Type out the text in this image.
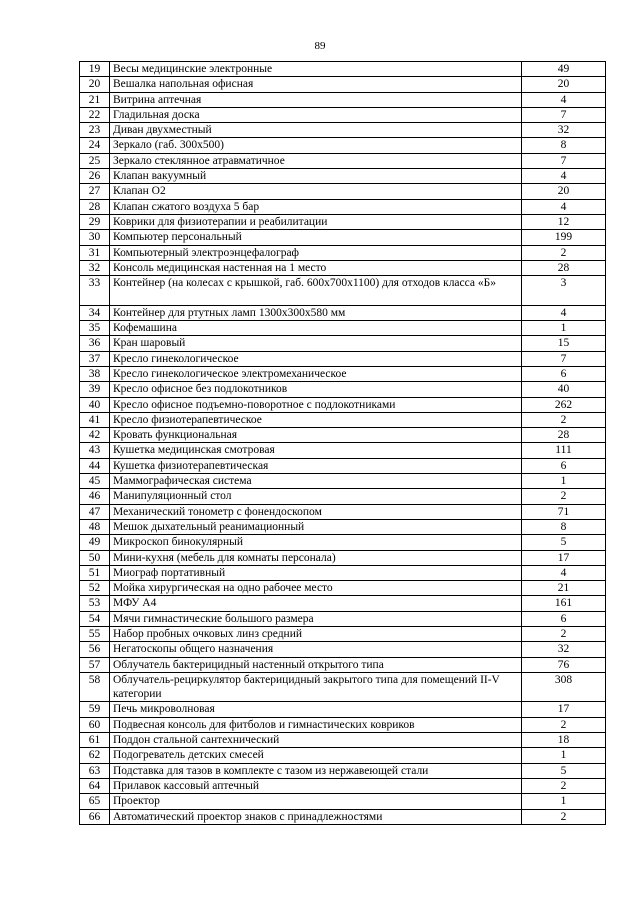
89
19	Весы медицинские электронные	49
20	Вешалка напольная офисная	20
21	Витрина аптечная	4
22	Гладильная доска	7
23	Диван двухместный	32
24	Зеркало (габ. 300х500)	8
25	Зеркало стеклянное атравматичное	7
26	Клапан вакуумный	4
27	Клапан О2	20
28	Клапан сжатого воздуха 5 бар	4
29	Коврики для физиотерапии и реабилитации	12
30	Компьютер персональный	199
31	Компьютерный электроэнцефалограф	2
32	Консоль медицинская настенная на 1 место	28
33	Контейнер (на колесах с крышкой, габ. 600х700х1100) для отходов класса «Б»	3
34	Контейнер для ртутных ламп 1300х300х580 мм	4
35	Кофемашина	1
36	Кран шаровый	15
37	Кресло гинекологическое	7
38	Кресло гинекологическое электромеханическое	6
39	Кресло офисное без подлокотников	40
40	Кресло офисное подъемно-поворотное с подлокотниками	262
41	Кресло физиотерапевтическое	2
42	Кровать функциональная	28
43	Кушетка медицинская смотровая	111
44	Кушетка физиотерапевтическая	6
45	Маммографическая система	1
46	Манипуляционный стол	2
47	Механический тонометр с фонендоскопом	71
48	Мешок дыхательный реанимационный	8
49	Микроскоп бинокулярный	5
50	Мини-кухня (мебель для комнаты персонала)	17
51	Миограф портативный	4
52	Мойка хирургическая на одно рабочее место	21
53	МФУ А4	161
54	Мячи гимнастические большого размера	6
55	Набор пробных очковых линз средний	2
56	Негатоскопы общего назначения	32
57	Облучатель бактерицидный настенный открытого типа	76
58	Облучатель-рециркулятор бактерицидный закрытого типа для помещений II-V категории	308
59	Печь микроволновая	17
60	Подвесная консоль для фитболов и гимнастических ковриков	2
61	Поддон стальной сантехнический	18
62	Подогреватель детских смесей	1
63	Подставка для тазов в комплекте с тазом из нержавеющей стали	5
64	Прилавок кассовый аптечный	2
65	Проектор	1
66	Автоматический проектор знаков с принадлежностями	2
